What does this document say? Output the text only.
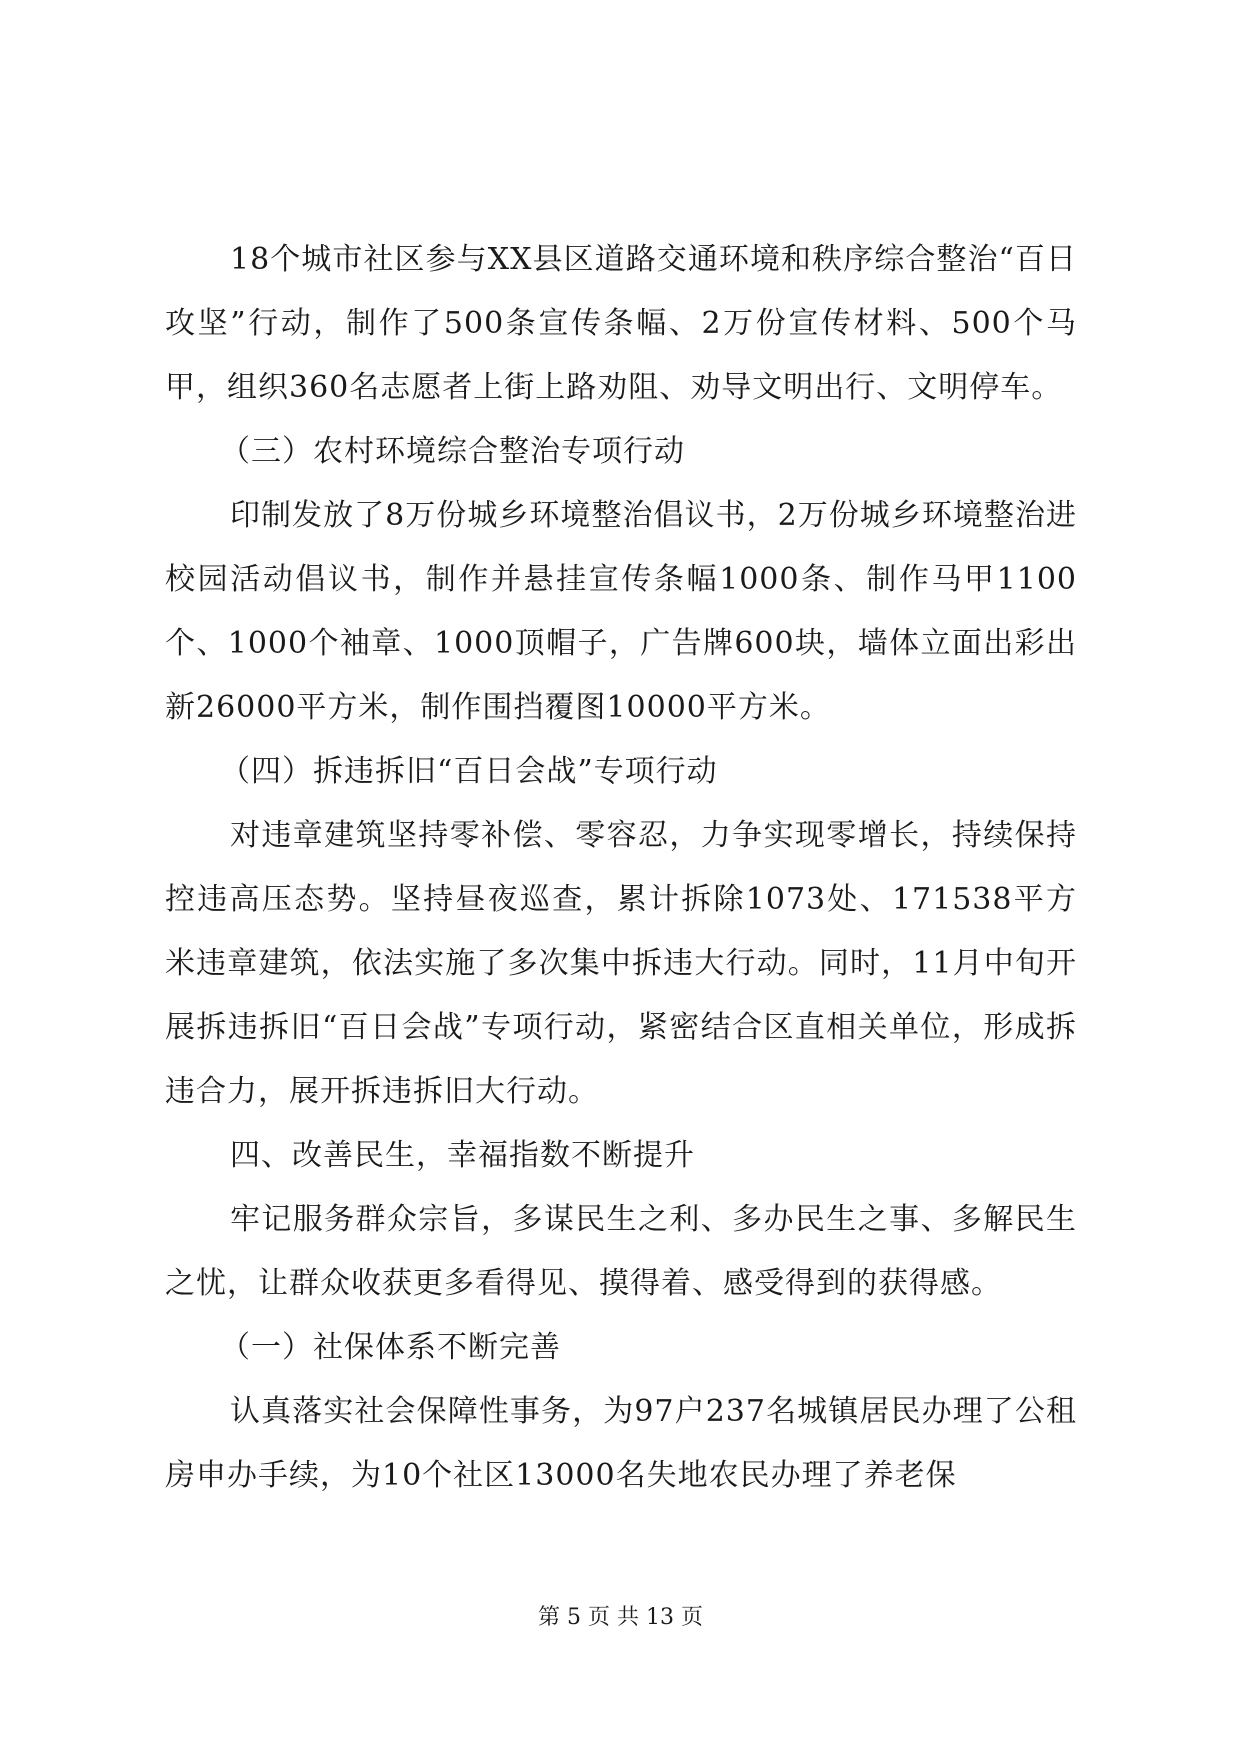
18个城市社区参与XX县区道路交通环境和秩序综合整治“百日攻坚”行动，制作了500条宣传条幅、2万份宣传材料、500个马甲，组织360名志愿者上街上路劝阻、劝导文明出行、文明停车。

（三）农村环境综合整治专项行动

印制发放了8万份城乡环境整治倡议书，2万份城乡环境整治进校园活动倡议书，制作并悬挂宣传条幅1000条、制作马甲1100个、1000个袖章、1000顶帽子，广告牌600块，墙体立面出彩出新26000平方米，制作围挡覆图10000平方米。

（四）拆违拆旧“百日会战”专项行动

对违章建筑坚持零补偿、零容忍，力争实现零增长，持续保持控违高压态势。坚持昼夜巡查，累计拆除1073处、171538平方米违章建筑，依法实施了多次集中拆违大行动。同时，11月中旬开展拆违拆旧“百日会战”专项行动，紧密结合区直相关单位，形成拆违合力，展开拆违拆旧大行动。

四、改善民生，幸福指数不断提升

牢记服务群众宗旨，多谋民生之利、多办民生之事、多解民生之忧，让群众收获更多看得见、摸得着、感受得到的获得感。

（一）社保体系不断完善

认真落实社会保障性事务，为97户237名城镇居民办理了公租房申办手续，为10个社区13000名失地农民办理了养老保

第 5 页 共 13 页
